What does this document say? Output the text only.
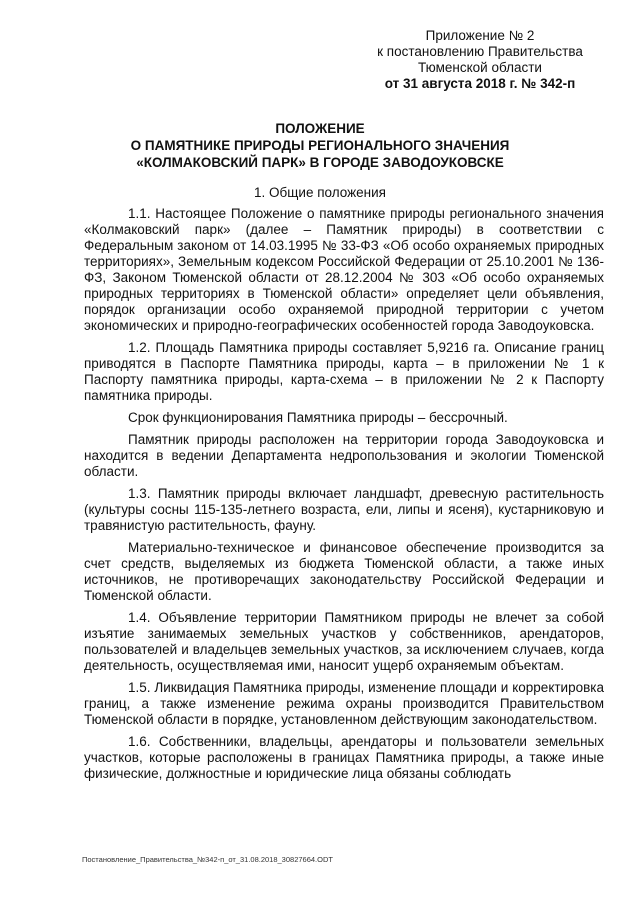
Приложение № 2
к постановлению Правительства
Тюменской области
от 31 августа 2018 г. № 342-п
ПОЛОЖЕНИЕ
О ПАМЯТНИКЕ ПРИРОДЫ РЕГИОНАЛЬНОГО ЗНАЧЕНИЯ
«КОЛМАКОВСКИЙ ПАРК» В ГОРОДЕ ЗАВОДОУКОВСКЕ
1. Общие положения

1.1. Настоящее Положение о памятнике природы регионального значения «Колмаковский парк» (далее – Памятник природы) в соответствии с Федеральным законом от 14.03.1995 № 33-ФЗ «Об особо охраняемых природных территориях», Земельным кодексом Российской Федерации от 25.10.2001 № 136-ФЗ, Законом Тюменской области от 28.12.2004 № 303 «Об особо охраняемых природных территориях в Тюменской области» определяет цели объявления, порядок организации особо охраняемой природной территории с учетом экономических и природно-географических особенностей города Заводоуковска.

1.2. Площадь Памятника природы составляет 5,9216 га. Описание границ приводятся в Паспорте Памятника природы, карта – в приложении № 1 к Паспорту памятника природы, карта-схема – в приложении № 2 к Паспорту памятника природы.

Срок функционирования Памятника природы – бессрочный.

Памятник природы расположен на территории города Заводоуковска и находится в ведении Департамента недропользования и экологии Тюменской области.

1.3. Памятник природы включает ландшафт, древесную растительность (культуры сосны 115-135-летнего возраста, ели, липы и ясеня), кустарниковую и травянистую растительность, фауну.

Материально-техническое и финансовое обеспечение производится за счет средств, выделяемых из бюджета Тюменской области, а также иных источников, не противоречащих законодательству Российской Федерации и Тюменской области.

1.4. Объявление территории Памятником природы не влечет за собой изъятие занимаемых земельных участков у собственников, арендаторов, пользователей и владельцев земельных участков, за исключением случаев, когда деятельность, осуществляемая ими, наносит ущерб охраняемым объектам.

1.5. Ликвидация Памятника природы, изменение площади и корректировка границ, а также изменение режима охраны производится Правительством Тюменской области в порядке, установленном действующим законодательством.

1.6. Собственники, владельцы, арендаторы и пользователи земельных участков, которые расположены в границах Памятника природы, а также иные физические, должностные и юридические лица обязаны соблюдать

Постановление_Правительства_№342-п_от_31.08.2018_30827664.ODT
